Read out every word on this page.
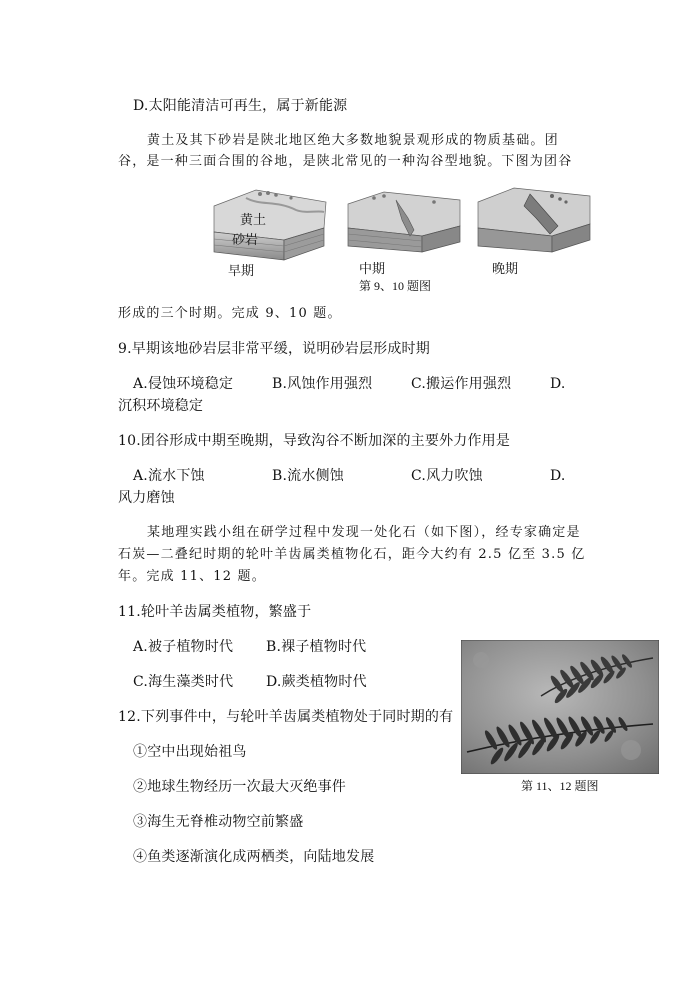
D.太阳能清洁可再生，属于新能源
黄土及其下砂岩是陕北地区绝大多数地貌景观形成的物质基础。团
谷，是一种三面合围的谷地，是陕北常见的一种沟谷型地貌。下图为团谷
黄土
砂岩
早期	中期	晚期
第 9、10 题图
形成的三个时期。完成 9、10 题。
9.早期该地砂岩层非常平缓，说明砂岩层形成时期
A.侵蚀环境稳定	B.风蚀作用强烈	C.搬运作用强烈	D.
沉积环境稳定
10.团谷形成中期至晚期，导致沟谷不断加深的主要外力作用是
A.流水下蚀	B.流水侧蚀	C.风力吹蚀	D.
风力磨蚀
某地理实践小组在研学过程中发现一处化石（如下图），经专家确定是
石炭—二叠纪时期的轮叶羊齿属类植物化石，距今大约有 2.5 亿至 3.5 亿
年。完成 11、12 题。
11.轮叶羊齿属类植物，繁盛于
A.被子植物时代 B.裸子植物时代
C.海生藻类时代 D.蕨类植物时代
12.下列事件中，与轮叶羊齿属类植物处于同时期的有
①空中出现始祖鸟
②地球生物经历一次最大灭绝事件
③海生无脊椎动物空前繁盛
④鱼类逐渐演化成两栖类，向陆地发展
第 11、12 题图
